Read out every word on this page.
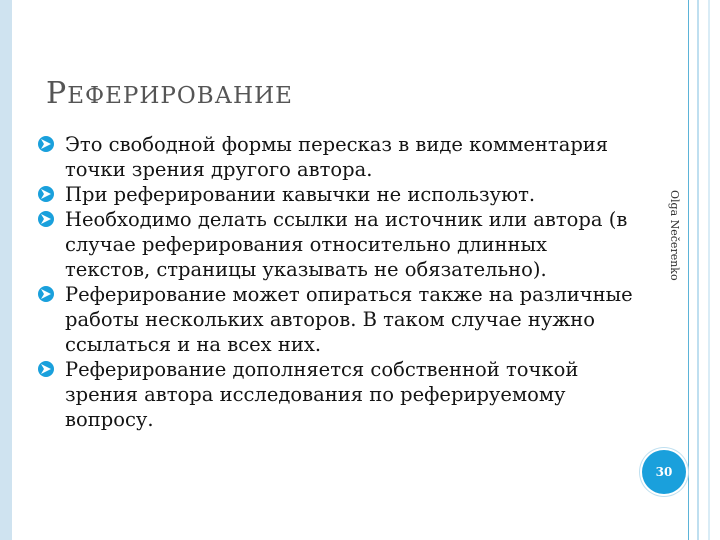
РЕФЕРИРОВАНИЕ
Это свободной формы пересказ в виде комментария точки зрения другого автора.
При реферировании кавычки не используют.
Необходимо делать ссылки на источник или автора (в случае реферирования относительно длинных текстов, страницы указывать не обязательно).
Реферирование может опираться также на различные работы нескольких авторов. В таком случае нужно ссылаться и на всех них.
Реферирование дополняется собственной точкой зрения автора исследования по реферируемому вопросу.
Olga Nečerenko
30
